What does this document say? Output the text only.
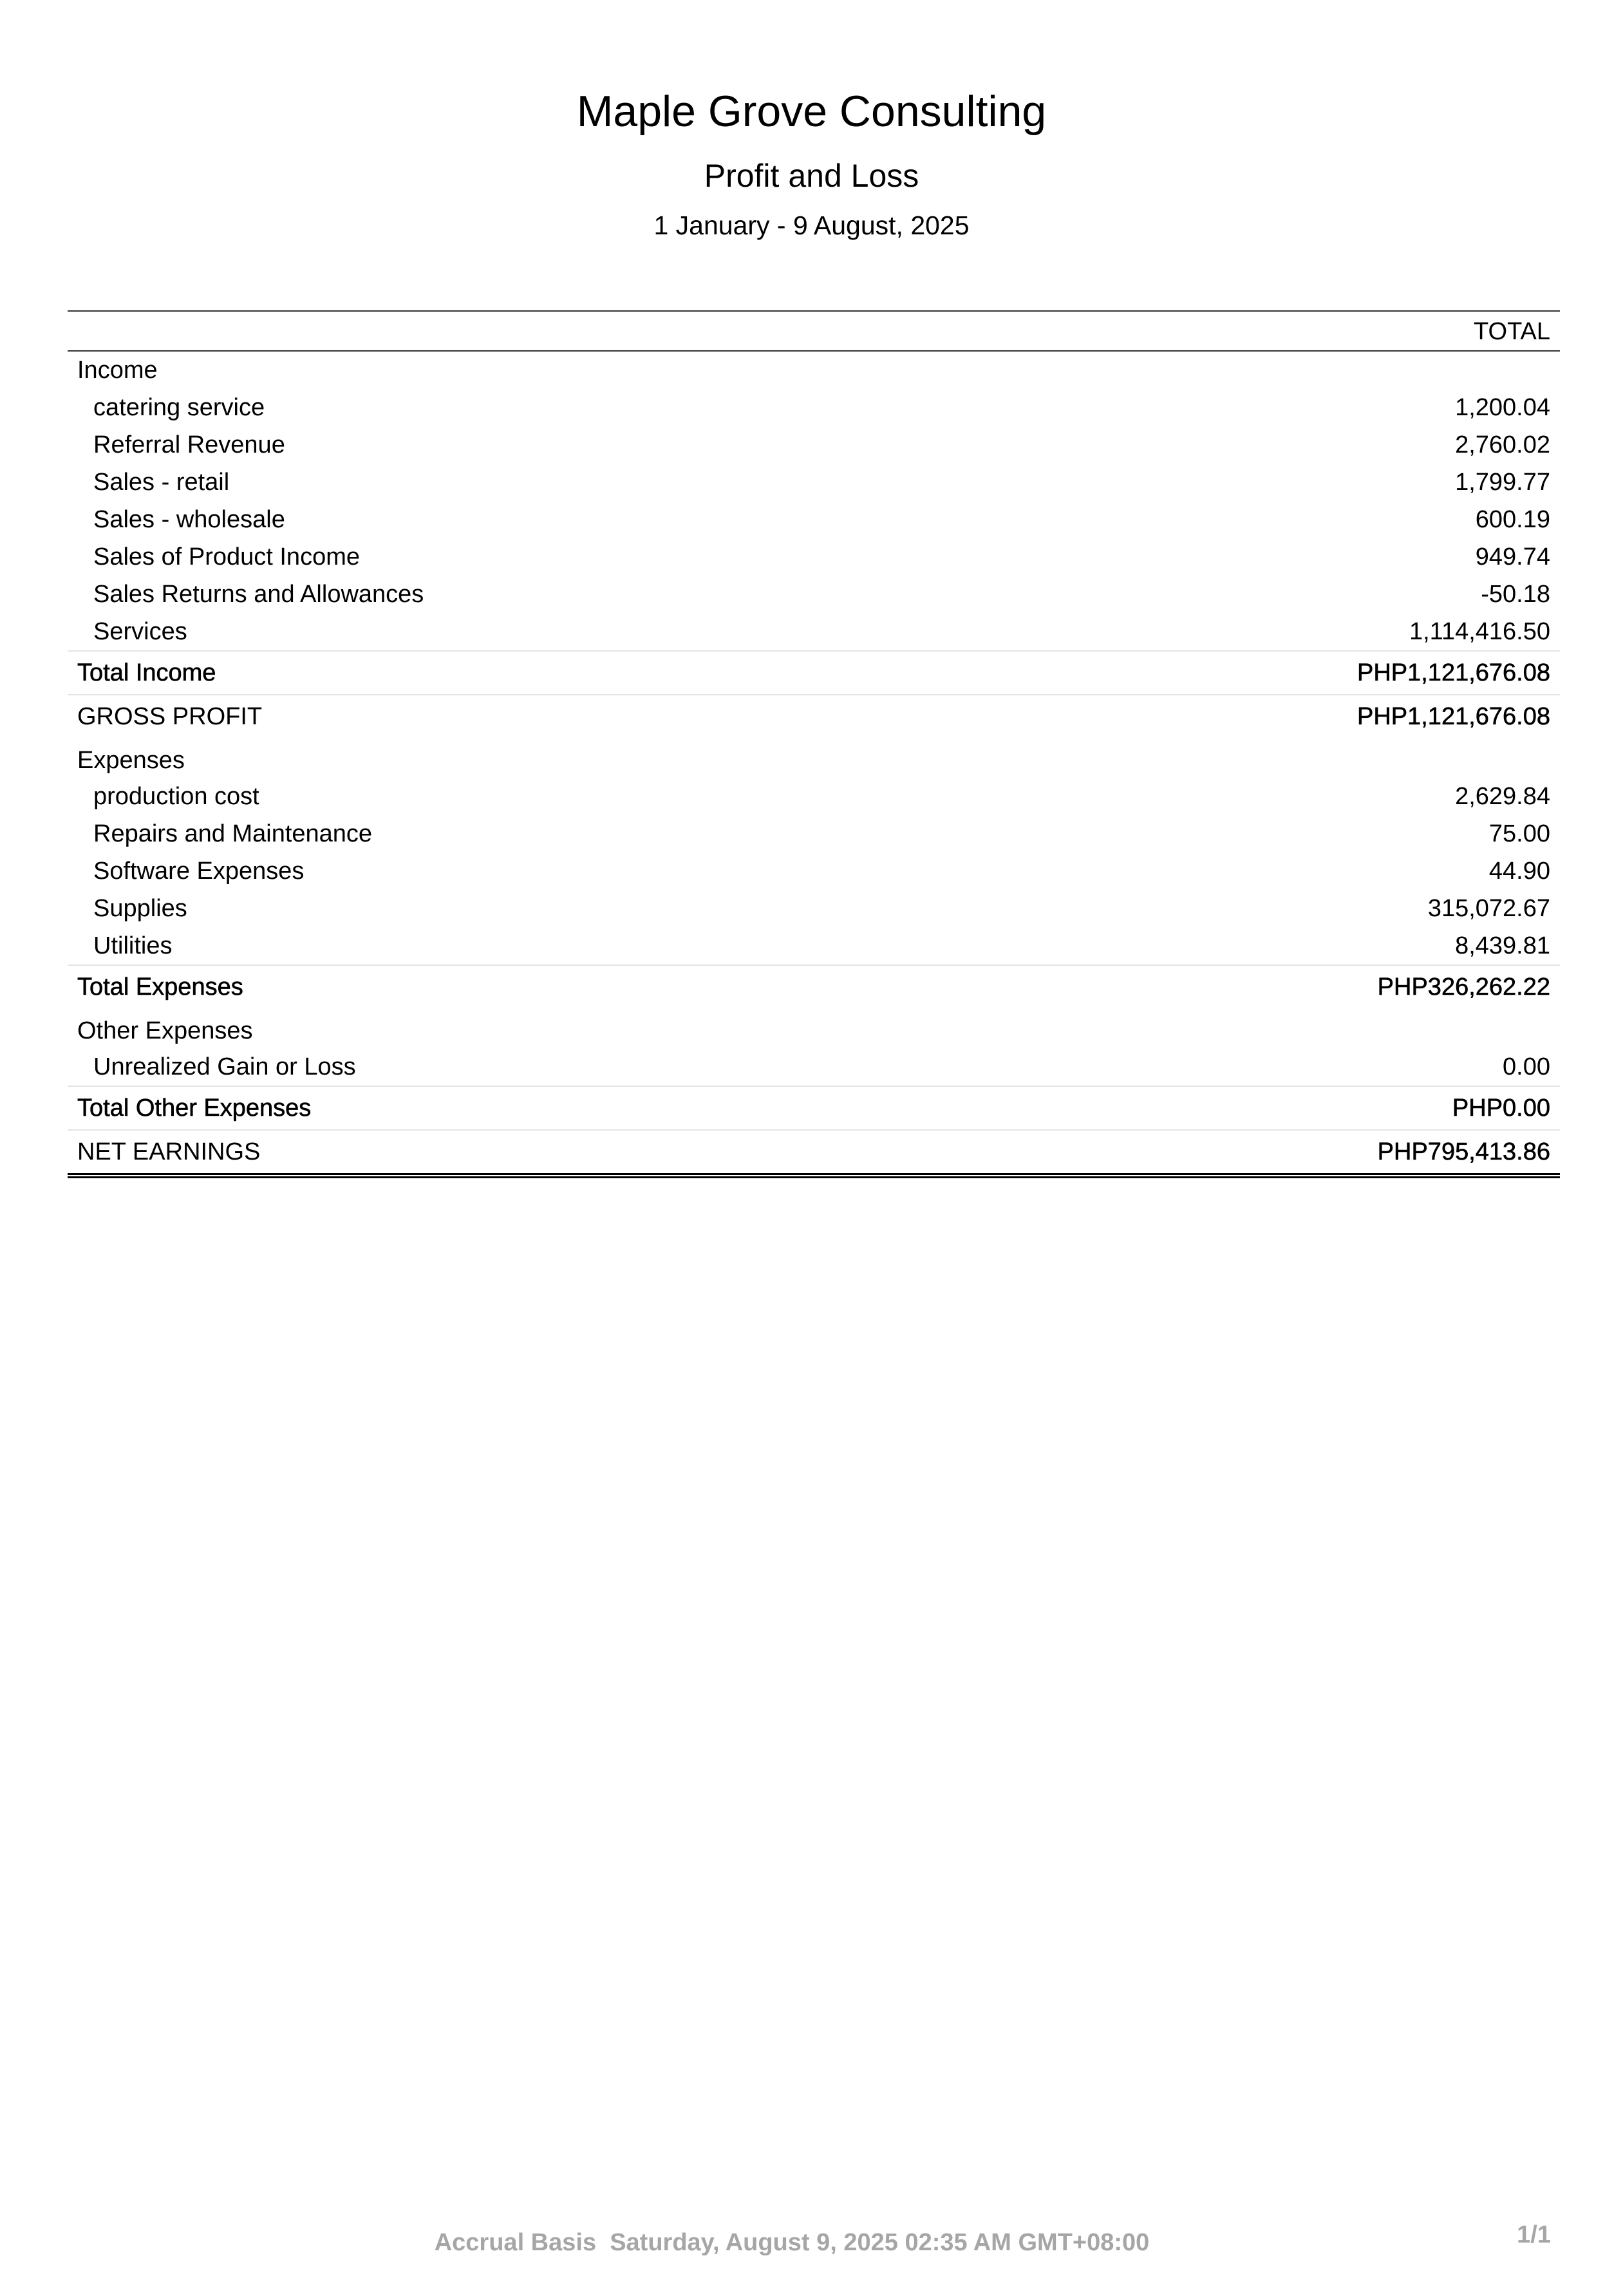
Maple Grove Consulting
Profit and Loss
1 January - 9 August, 2025
TOTAL
Income
catering service	1,200.04
Referral Revenue	2,760.02
Sales - retail	1,799.77
Sales - wholesale	600.19
Sales of Product Income	949.74
Sales Returns and Allowances	-50.18
Services	1,114,416.50
Total Income	PHP1,121,676.08
GROSS PROFIT	PHP1,121,676.08
Expenses
production cost	2,629.84
Repairs and Maintenance	75.00
Software Expenses	44.90
Supplies	315,072.67
Utilities	8,439.81
Total Expenses	PHP326,262.22
Other Expenses
Unrealized Gain or Loss	0.00
Total Other Expenses	PHP0.00
NET EARNINGS	PHP795,413.86
Accrual Basis  Saturday, August 9, 2025 02:35 AM GMT+08:00	1/1
